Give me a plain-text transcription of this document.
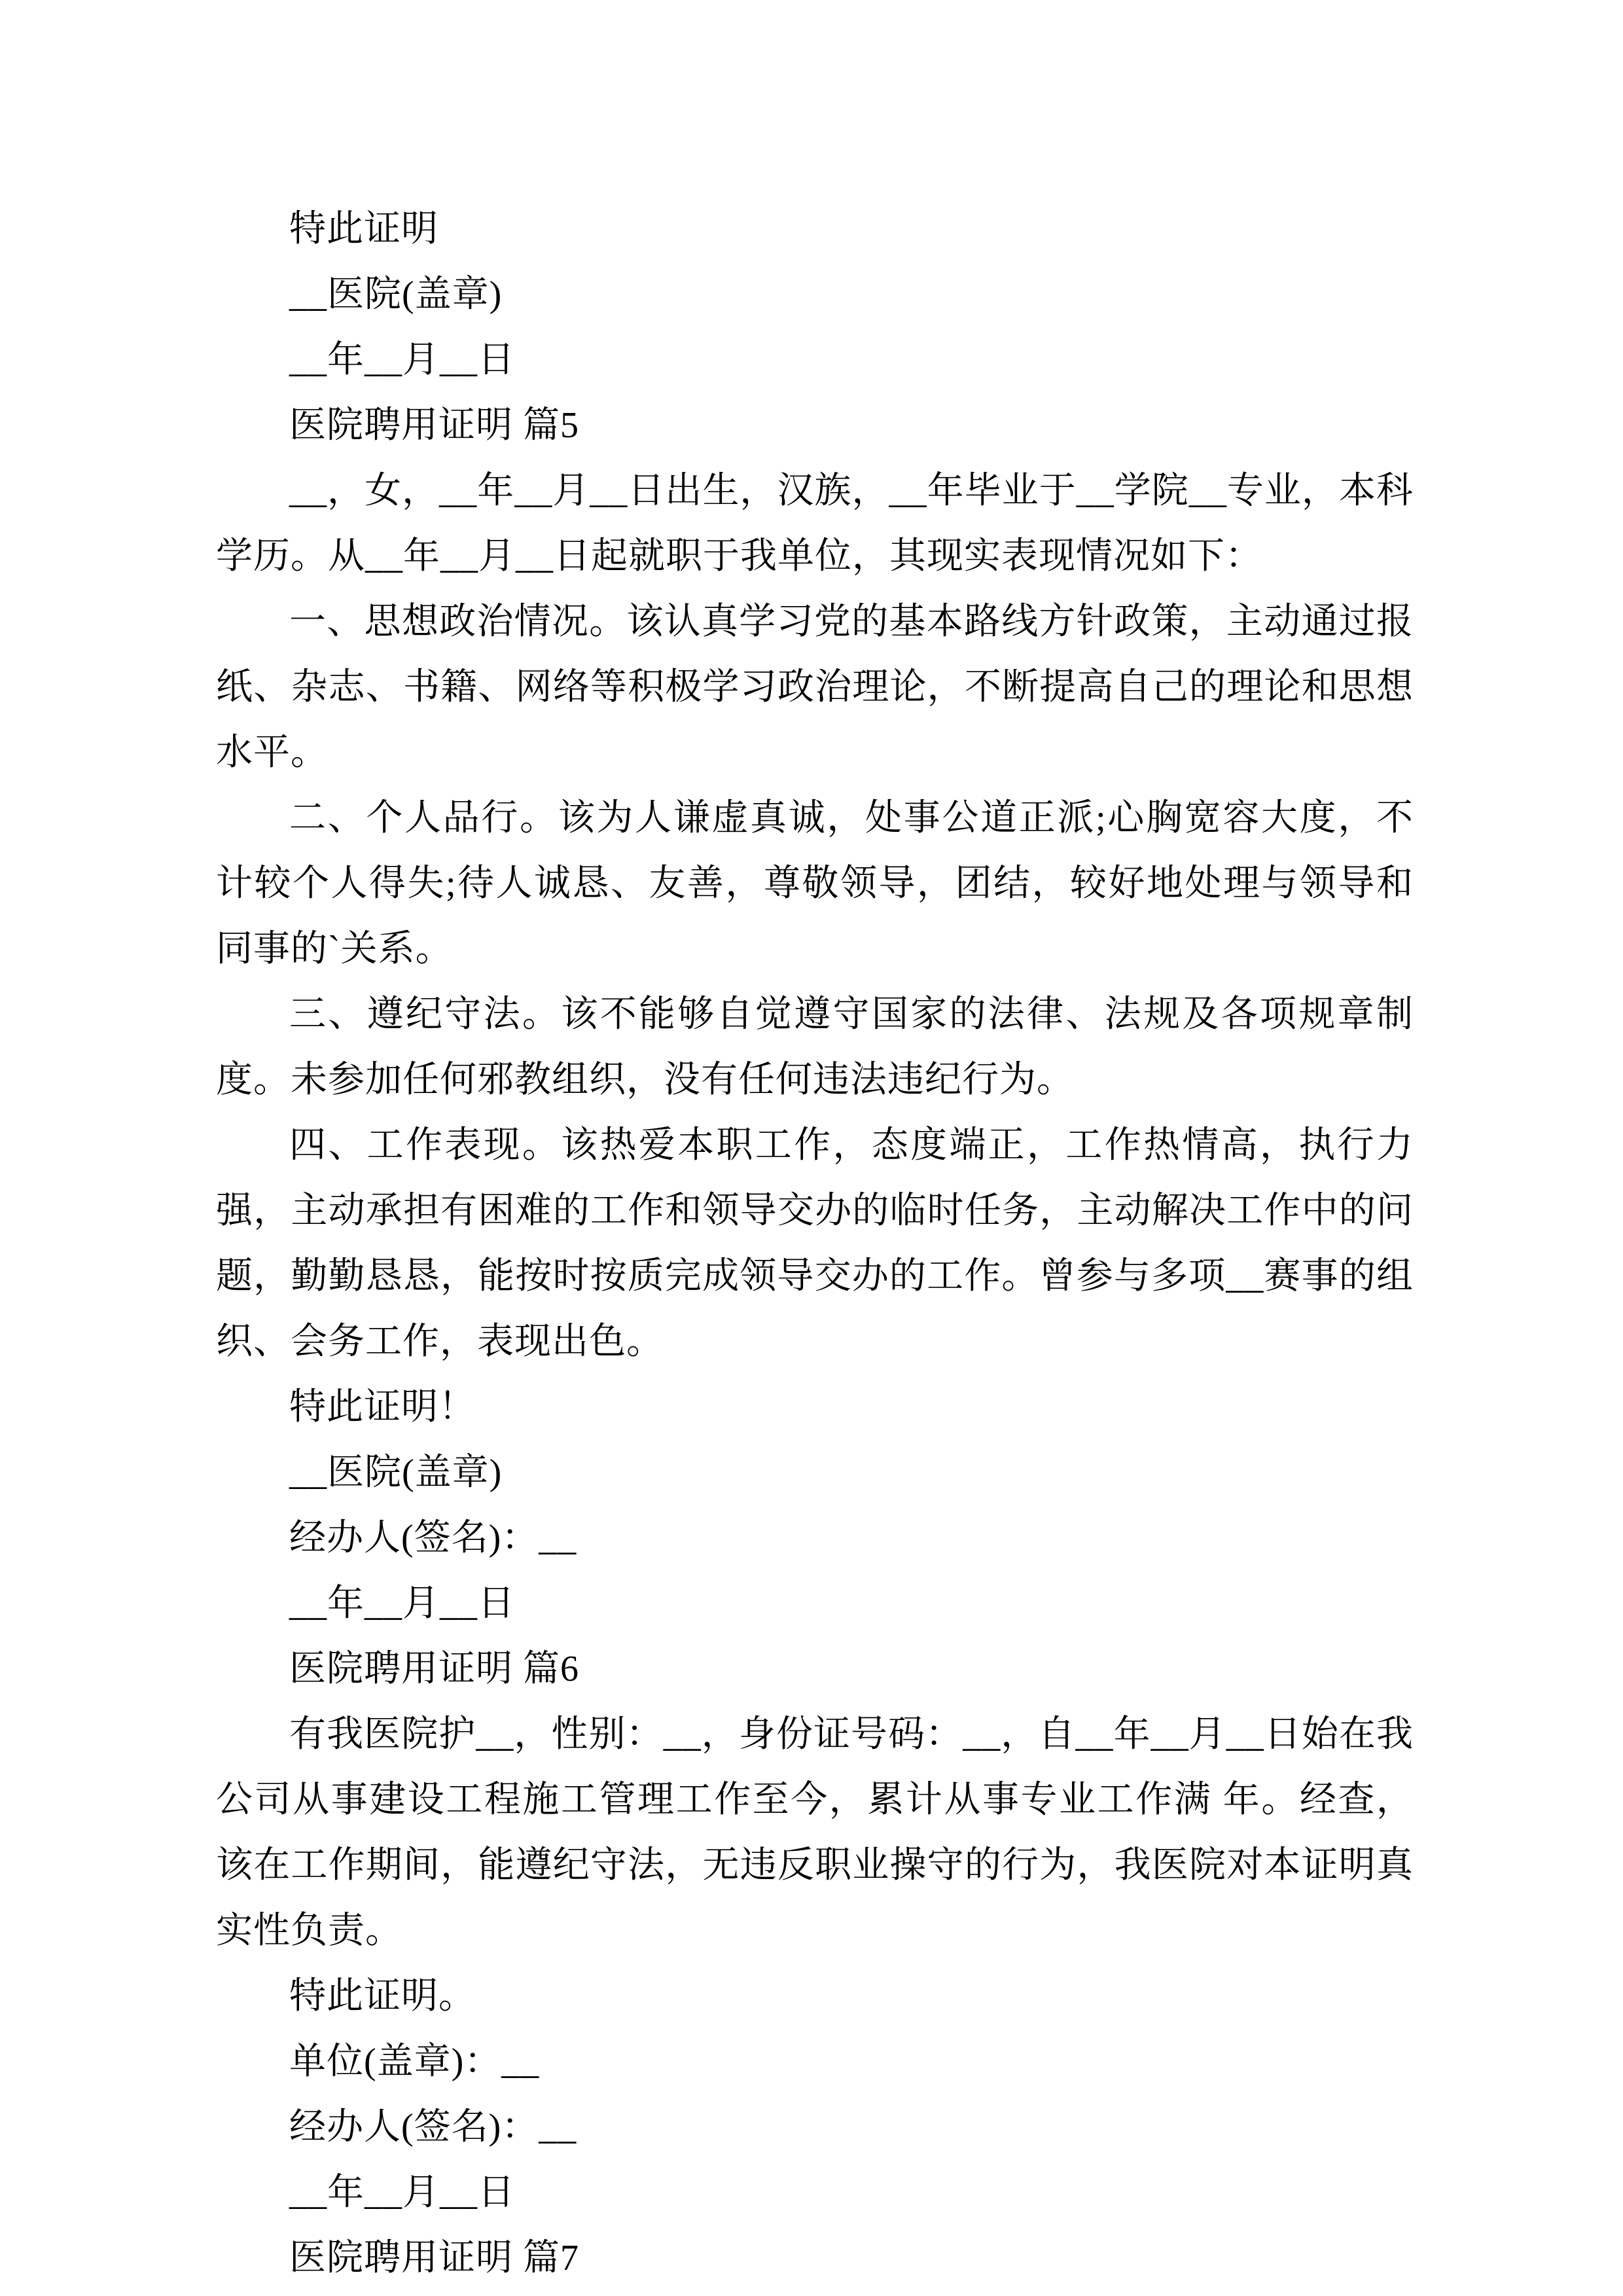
特此证明

__医院(盖章)

__年__月__日

医院聘用证明 篇5

__，女，__年__月__日出生，汉族，__年毕业于__学院__专业，本科学历。从__年__月__日起就职于我单位，其现实表现情况如下：

一、思想政治情况。该认真学习党的基本路线方针政策，主动通过报纸、杂志、书籍、网络等积极学习政治理论，不断提高自己的理论和思想水平。

二、个人品行。该为人谦虚真诚，处事公道正派;心胸宽容大度，不计较个人得失;待人诚恳、友善，尊敬领导，团结，较好地处理与领导和同事的`关系。

三、遵纪守法。该不能够自觉遵守国家的法律、法规及各项规章制度。未参加任何邪教组织，没有任何违法违纪行为。

四、工作表现。该热爱本职工作，态度端正，工作热情高，执行力强，主动承担有困难的工作和领导交办的临时任务，主动解决工作中的问题，勤勤恳恳，能按时按质完成领导交办的工作。曾参与多项__赛事的组织、会务工作，表现出色。

特此证明！

__医院(盖章)

经办人(签名)：__

__年__月__日

医院聘用证明 篇6

有我医院护__，性别：__，身份证号码：__，自__年__月__日始在我公司从事建设工程施工管理工作至今，累计从事专业工作满 年。经查，该在工作期间，能遵纪守法，无违反职业操守的行为，我医院对本证明真实性负责。

特此证明。

单位(盖章)：__

经办人(签名)：__

__年__月__日

医院聘用证明 篇7
